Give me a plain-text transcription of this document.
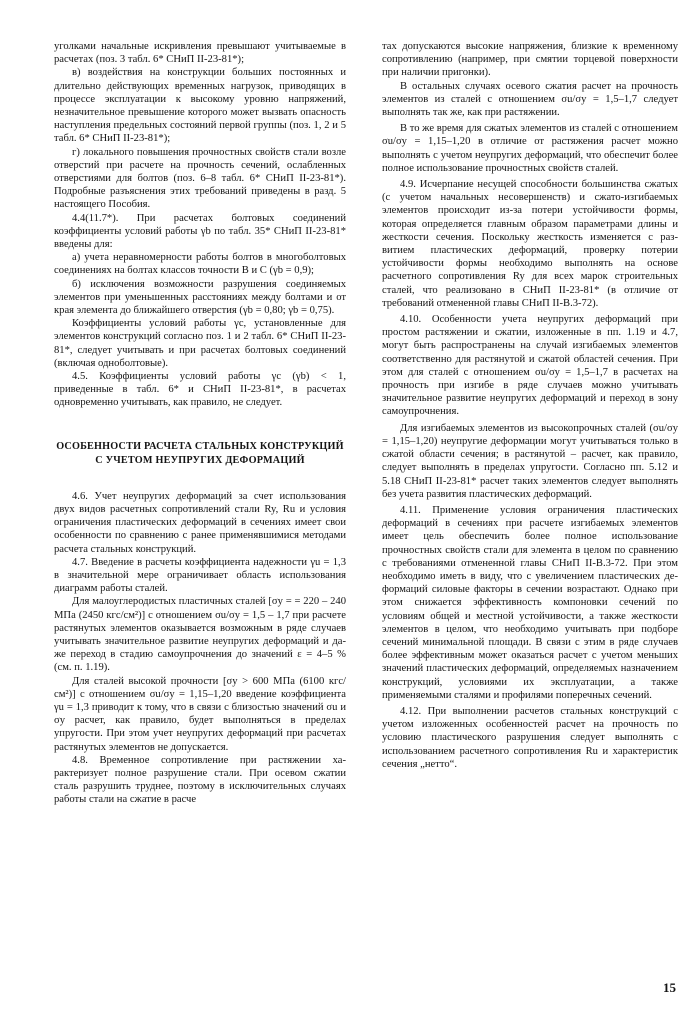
уголками начальные искривления превышают учитываемые в расчетах (поз. 3 табл. 6* СНиП II-23-81*);

в) воздействия на конструкции больших постоянных и длительно действующих временных нагрузок, приводящих в процессе эксплуатации к высокому уровню напряжений, незначительное превышение которого может вызвать опасность наступления предельных состояний первой группы (поз. 1, 2 и 5 табл. 6* СНиП II-23-81*);

г) локального повышения прочностных свойств стали возле отверстий при расчете на прочность сечений, ослабленных отверстиями для болтов (поз. 6–8 табл. 6* СНиП II-23-81*). Подробные разъяснения этих требований приведены в разд. 5 настоящего Пособия.

4.4(11.7*). При расчетах болтовых соединений коэффициенты условий работы γb по табл. 35* СНиП II-23-81* введены для:

а) учета неравномерности работы болтов в многоболтовых соединениях на болтах классов точности В и С (γb = 0,9);

б) исключения возможности разрушения соединяемых элементов при уменьшенных расстояниях между болтами и от края элемента до ближайшего отверстия (γb = 0,80; γb = 0,75).

Коэффициенты условий работы γc, установленные для элементов конструкций согласно поз. 1 и 2 табл. 6* СНиП II-23-81*, следует учитывать и при расчетах болтовых соединений (включая одноболтовые).

4.5. Коэффициенты условий работы γc (γb) < 1, приведенные в табл. 6* и СНиП II-23-81*, в расчетах одновременно учитывать, как правило, не следует.

ОСОБЕННОСТИ РАСЧЕТА СТАЛЬНЫХ КОНСТРУКЦИЙ С УЧЕТОМ НЕУПРУГИХ ДЕФОРМАЦИЙ

4.6. Учет неупругих деформаций за счет использования двух видов расчетных сопротивлений стали Ry, Ru и условия ограничения пластических деформаций в сечениях имеет свои особенности по сравнению с ранее применявшимися методами расчета стальных конструкций.

4.7. Введение в расчеты коэффициента надежности γu = 1,3 в значительной мере ограничивает область использования диаграмм работы сталей.

Для малоуглеродистых пластичных сталей [σy = = 220 – 240 МПа (2450 кгс/см²)] с отношением σu/σy = 1,5 – 1,7 при расчете растянутых элементов оказывается возможным в ряде случаев учитывать значительное развитие неупругих деформаций и даже переход в стадию самоупрочнения до значений ε = 4–5 % (см. п. 1.19).

Для сталей высокой прочности [σy > 600 МПа (6100 кгс/см²)] с отношением σu/σy = 1,15–1,20 введение коэффициента γu = 1,3 приводит к тому, что в связи с близостью значений σu и σy расчет, как правило, будет выполняться в пределах упругости. При этом учет неупругих деформаций при расчетах растянутых элементов не допускается.

4.8. Временное сопротивление при растяжении характеризует полное разрушение стали. При осевом сжатии сталь разрушить труднее, поэтому в исключительных случаях работы стали на сжатие в расче

тах допускаются высокие напряжения, близкие к временному сопротивлению (например, при смятии торцевой поверхности при наличии пригонки).

В остальных случаях осевого сжатия расчет на прочность элементов из сталей с отношением σu/σy = 1,5–1,7 следует выполнять так же, как при растяжении.

В то же время для сжатых элементов из сталей с отношением σu/σy = 1,15–1,20 в отличие от растяжения расчет можно выполнять с учетом неупругих деформаций, что обеспечит более полное использование прочностных свойств сталей.

4.9. Исчерпание несущей способности большинства сжатых (с учетом начальных несовершенств) и сжато-изгибаемых элементов происходит из-за потери устойчивости формы, которая определяется главным образом параметрами длины и жесткости сечения. Поскольку жесткость изменяется с развитием пластических деформаций, проверку потерии устойчивости формы необходимо выполнять на основе расчетного сопротивления Ry для всех марок строительных сталей, что реализовано в СНиП II-23-81* (в отличие от требований отмененной главы СНиП II-В.3-72).

4.10. Особенности учета неупругих деформаций при простом растяжении и сжатии, изложенные в пп. 1.19 и 4.7, могут быть распространены на случай изгибаемых элементов соответственно для растянутой и сжатой областей сечения. При этом для сталей с отношением σu/σy = 1,5–1,7 в расчетах на прочность при изгибе в ряде случаев можно учитывать значительное развитие неупругих деформаций и переход в зону самоупрочнения.

Для изгибаемых элементов из высокопрочных сталей (σu/σy = 1,15–1,20) неупругие деформации могут учитываться только в сжатой области сечения; в растянутой – расчет, как правило, следует выполнять в пределах упругости. Согласно пп. 5.12 и 5.18 СНиП II-23-81* расчет таких элементов следует выполнять без учета развития пластических деформаций.

4.11. Применение условия ограничения пластических деформаций в сечениях при расчете изгибаемых элементов имеет цель обеспечить более полное использование прочностных свойств стали для элемента в целом по сравнению с требованиями отмененной главы СНиП II-В.3-72. При этом необходимо иметь в виду, что с увеличением пластических деформаций силовые факторы в сечении возрастают. Однако при этом снижается эффективность компоновки сечений по условиям общей и местной устойчивости, а также жесткости элементов в целом, что необходимо учитывать при подборе сечений минимальной площади. В связи с этим в ряде случаев более эффективным может оказаться расчет с учетом меньших значений пластических деформаций, определяемых назначением конструкций, условиями их эксплуатации, а также применяемыми сталями и профилями поперечных сечений.

4.12. При выполнении расчетов стальных конструкций с учетом изложенных особенностей расчет на прочность по условию пластического разрушения следует выполнять с использованием расчетного сопротивления Ru и характеристик сечения „нетто“.

15
